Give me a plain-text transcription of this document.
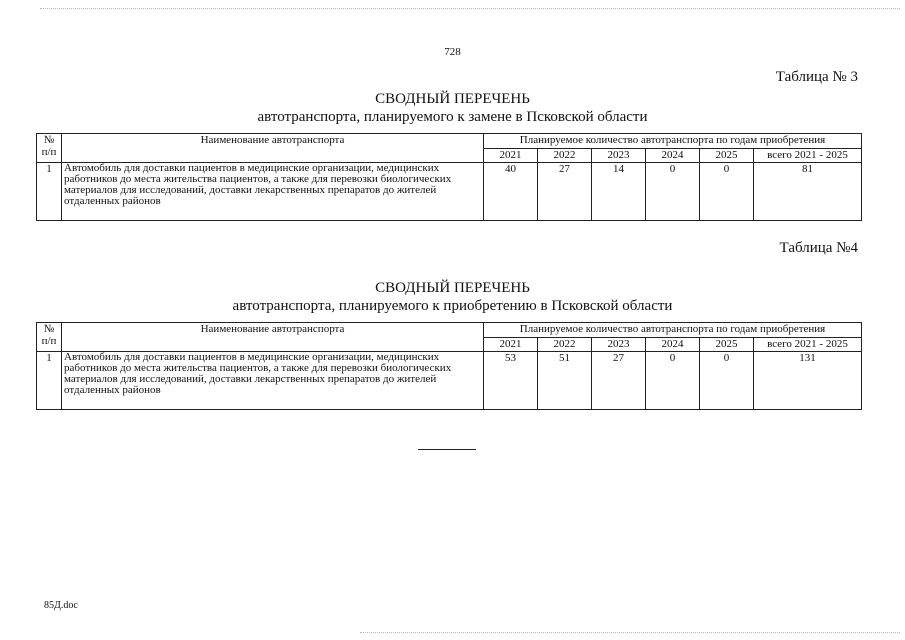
728
Таблица № 3
СВОДНЫЙ ПЕРЕЧЕНЬ
автотранспорта, планируемого к замене в Псковской области
№
п/п	Наименование автотранспорта	Планируемое количество автотранспорта по годам приобретения					
		2021	2022	2023	2024	2025	всего 2021 - 2025
1	Автомобиль для доставки пациентов в медицинские организации, медицинских работников до места жительства пациентов, а также для перевозки биологических материалов для исследований, доставки лекарственных препаратов до жителей отдаленных районов	40	27	14	0	0	81
Таблица №4
СВОДНЫЙ ПЕРЕЧЕНЬ
автотранспорта, планируемого к приобретению в Псковской области
№
п/п	Наименование автотранспорта	Планируемое количество автотранспорта по годам приобретения					
		2021	2022	2023	2024	2025	всего 2021 - 2025
1	Автомобиль для доставки пациентов в медицинские организации, медицинских работников до места жительства пациентов, а также для перевозки биологических материалов для исследований, доставки лекарственных препаратов до жителей отдаленных районов	53	51	27	0	0	131
85Д.doc
